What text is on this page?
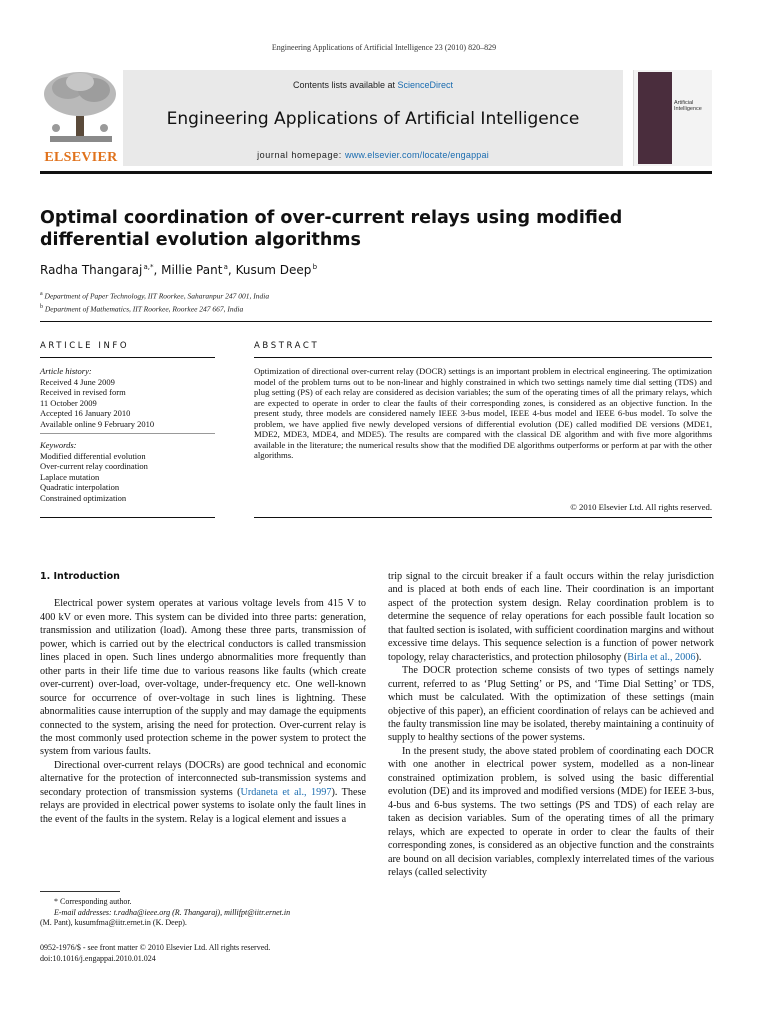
Engineering Applications of Artificial Intelligence 23 (2010) 820–829
ELSEVIER
Contents lists available at ScienceDirect
Engineering Applications of Artificial Intelligence
journal homepage: www.elsevier.com/locate/engappai
Artificial
Intelligence
Optimal coordination of over-current relays using modified differential evolution algorithms
Radha Thangaraj $^{a,*}$, Millie Pant $^a$, Kusum Deep $^b$
$^a$ Department of Paper Technology, IIT Roorkee, Saharanpur 247 001, India
$^b$ Department of Mathematics, IIT Roorkee, Roorkee 247 667, India
ARTICLE INFO	ABSTRACT
Article history:
Received 4 June 2009
Received in revised form
11 October 2009
Accepted 16 January 2010
Available online 9 February 2010
Keywords:
Modified differential evolution
Over-current relay coordination
Laplace mutation
Quadratic interpolation
Constrained optimization

Optimization of directional over-current relay (DOCR) settings is an important problem in electrical engineering. The optimization model of the problem turns out to be non-linear and highly constrained in which two settings namely time dial setting (TDS) and plug setting (PS) of each relay are considered as decision variables; the sum of the operating times of all the primary relays, which are expected to operate in order to clear the faults of their corresponding zones, is considered as an objective function. In the present study, three models are considered namely IEEE 3-bus model, IEEE 4-bus model and IEEE 6-bus model. To solve the problem, we have applied five newly developed versions of differential evolution (DE) called modified DE versions (MDE1, MDE2, MDE3, MDE4, and MDE5). The results are compared with the classical DE algorithm and with five more algorithms available in the literature; the numerical results show that the modified DE algorithms outperforms or perform at par with the other algorithms.

© 2010 Elsevier Ltd. All rights reserved.
1. Introduction

Electrical power system operates at various voltage levels from 415 V to 400 kV or even more. This system can be divided into three parts: generation, transmission and utilization (load). Among these three parts, transmission of power, which is carried out by the electrical conductors is called transmission lines placed in open. Such lines undergo abnormalities more frequently than other parts in their life time due to various reasons like faults (which create over-current) over-load, over-voltage, under-frequency etc. One well-known source for occurrence of over-voltage in such lines is lightning. These abnormalities cause interruption of the supply and may damage the equipments connected to the system, arising the need for protection. Over-current relay is the most commonly used protection scheme in the power system to protect the system from various faults.

Directional over-current relays (DOCRs) are good technical and economic alternative for the protection of interconnected sub-transmission systems and secondary protection of transmission systems (Urdaneta et al., 1997). These relays are provided in electrical power systems to isolate only the fault lines in the event of the faults in the system. Relay is a logical element and issues a

trip signal to the circuit breaker if a fault occurs within the relay jurisdiction and is placed at both ends of each line. Their coordination is an important aspect of the protection system design. Relay coordination problem is to determine the sequence of relay operations for each possible fault location so that faulted section is isolated, with sufficient coordination margins and without excessive time delays. This sequence selection is a function of power network topology, relay characteristics, and protection philosophy (Birla et al., 2006).

The DOCR protection scheme consists of two types of settings namely current, referred to as ‘Plug Setting’ or PS, and ‘Time Dial Setting’ or TDS, which must be calculated. With the optimization of these settings (main objective of this paper), an efficient coordination of relays can be achieved and the faulty transmission line may be isolated, thereby maintaining a continuity of supply to healthy sections of the power systems.

In the present study, the above stated problem of coordinating each DOCR with one another in electrical power system, modelled as a non-linear constrained optimization problem, is solved using the basic differential evolution (DE) and its improved and modified versions (MDE) for IEEE 3-bus, 4-bus and 6-bus systems. The two settings (PS and TDS) of each relay are taken as decision variables. Sum of the operating times of all the primary relays, which are expected to operate in order to clear the faults of their corresponding zones, is considered as an objective function and the constraints are bound on all decision variables, complexly interrelated times of the various relays (called selectivity

* Corresponding author.
E-mail addresses: t.radha@ieee.org (R. Thangaraj), millifpt@iitr.ernet.in
(M. Pant), kusumfma@iitr.ernet.in (K. Deep).
0952-1976/$ - see front matter © 2010 Elsevier Ltd. All rights reserved.
doi:10.1016/j.engappai.2010.01.024
